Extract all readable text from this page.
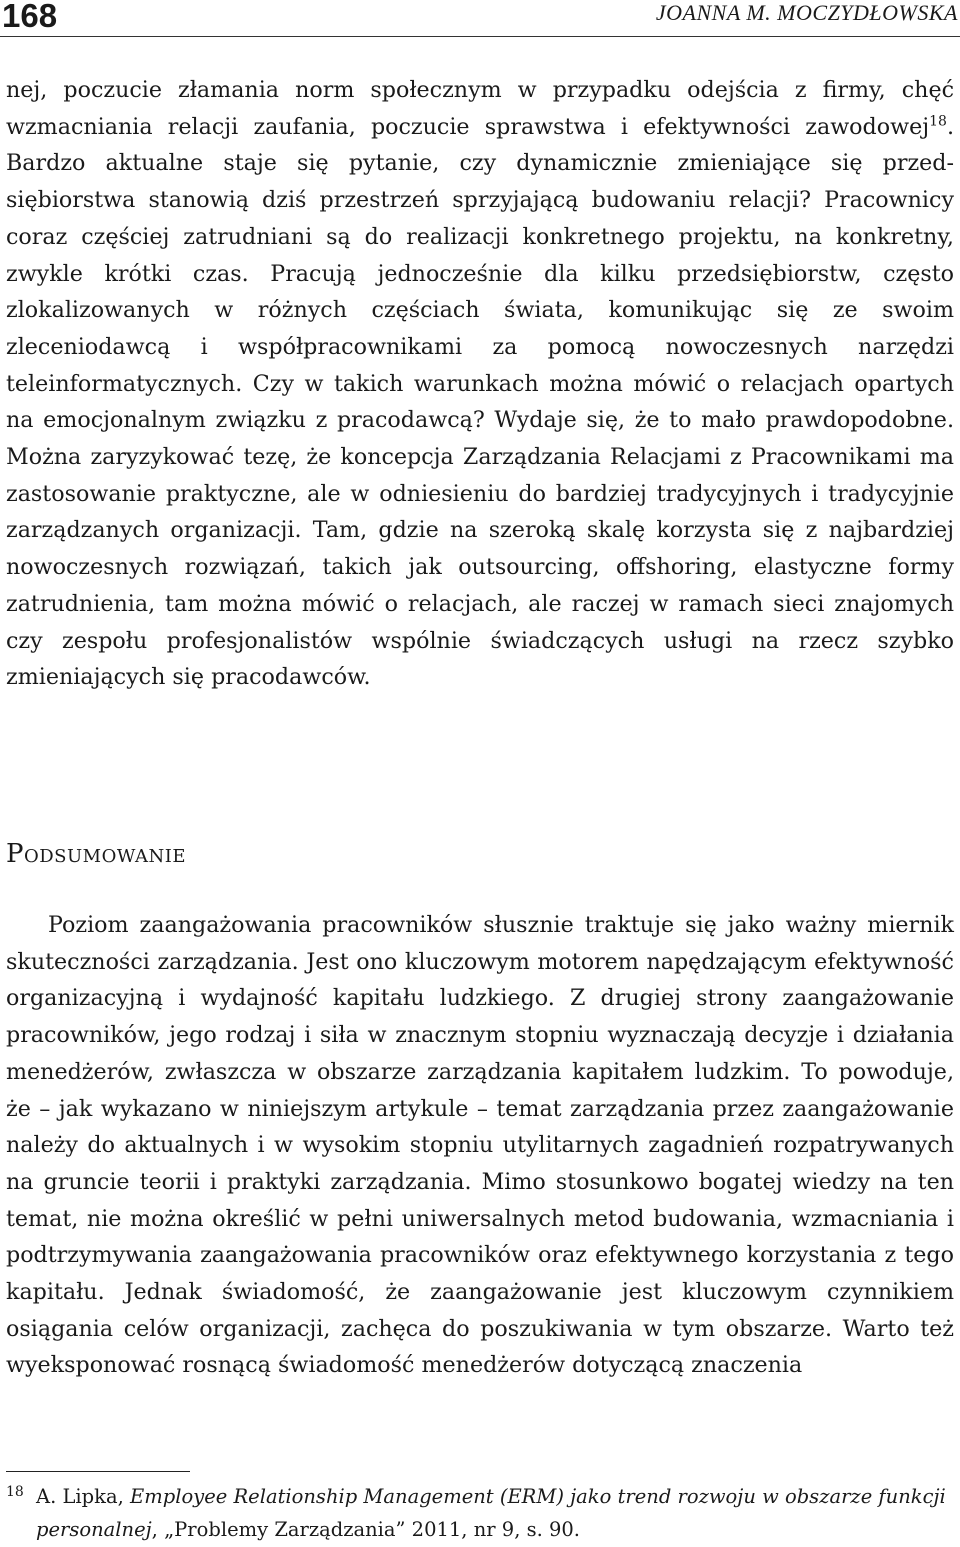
168	JOANNA M. MOCZYDŁOWSKA

nej, poczucie złamania norm społecznym w przypadku odejścia z firmy, chęć wzmacniania relacji zaufania, poczucie sprawstwa i efektywności zawodowej$^{18}$. Bardzo aktualne staje się pytanie, czy dynamicznie zmieniające się przedsiębiorstwa stanowią dziś przestrzeń sprzyjającą budowaniu relacji? Pracownicy coraz częściej zatrudniani są do realizacji konkretnego projektu, na konkretny, zwykle krótki czas. Pracują jednocześnie dla kilku przedsiębiorstw, często zlokalizowanych w różnych częściach świata, komunikując się ze swoim zleceniodawcą i współpracownikami za pomocą nowoczesnych narzędzi teleinformatycznych. Czy w takich warunkach można mówić o relacjach opartych na emocjonalnym związku z pracodawcą? Wydaje się, że to mało prawdopodobne. Można zaryzykować tezę, że koncepcja Zarządzania Relacjami z Pracownikami ma zastosowanie praktyczne, ale w odniesieniu do bardziej tradycyjnych i tradycyjnie zarządzanych organizacji. Tam, gdzie na szeroką skalę korzysta się z najbardziej nowoczesnych rozwiązań, takich jak outsourcing, offshoring, elastyczne formy zatrudnienia, tam można mówić o relacjach, ale raczej w ramach sieci znajomych czy zespołu profesjonalistów wspólnie świadczących usługi na rzecz szybko zmieniających się pracodawców.

Podsumowanie

Poziom zaangażowania pracowników słusznie traktuje się jako ważny miernik skuteczności zarządzania. Jest ono kluczowym motorem napędzającym efektywność organizacyjną i wydajność kapitału ludzkiego. Z drugiej strony zaangażowanie pracowników, jego rodzaj i siła w znacznym stopniu wyznaczają decyzje i działania menedżerów, zwłaszcza w obszarze zarządzania kapitałem ludzkim. To powoduje, że – jak wykazano w niniejszym artykule – temat zarządzania przez zaangażowanie należy do aktualnych i w wysokim stopniu utylitarnych zagadnień rozpatrywanych na gruncie teorii i praktyki zarządzania. Mimo stosunkowo bogatej wiedzy na ten temat, nie można określić w pełni uniwersalnych metod budowania, wzmacniania i podtrzymywania zaangażowania pracowników oraz efektywnego korzystania z tego kapitału. Jednak świadomość, że zaangażowanie jest kluczowym czynnikiem osiągania celów organizacji, zachęca do poszukiwania w tym obszarze. Warto też wyeksponować rosnącą świadomość menedżerów dotyczącą znaczenia

18 A. Lipka, Employee Relationship Management (ERM) jako trend rozwoju w obszarze funkcji personalnej, „Problemy Zarządzania” 2011, nr 9, s. 90.
